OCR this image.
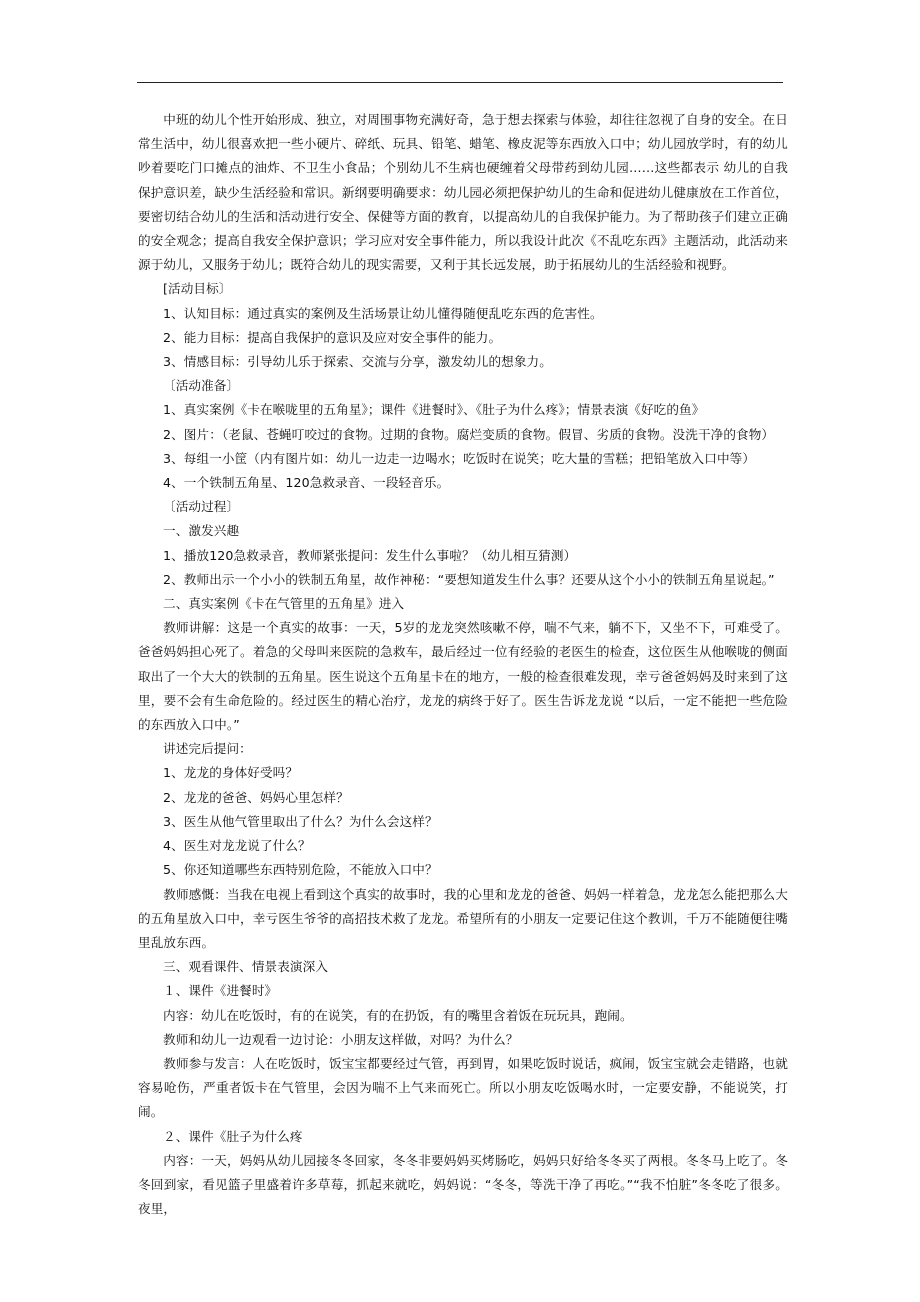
中班的幼儿个性开始形成、独立，对周围事物充满好奇，急于想去探索与体验，却往往忽视了自身的安全。在日常生活中，幼儿很喜欢把一些小硬片、碎纸、玩具、铅笔、蜡笔、橡皮泥等东西放入口中；幼儿园放学时，有的幼儿吵着要吃门口摊点的油炸、不卫生小食品；个别幼儿不生病也硬缠着父母带药到幼儿园……这些都表示 幼儿的自我保护意识差，缺少生活经验和常识。新纲要明确要求：幼儿园必须把保护幼儿的生命和促进幼儿健康放在工作首位，要密切结合幼儿的生活和活动进行安全、保健等方面的教育，以提高幼儿的自我保护能力。为了帮助孩子们建立正确的安全观念；提高自我安全保护意识；学习应对安全事件能力，所以我设计此次《不乱吃东西》主题活动，此活动来源于幼儿，又服务于幼儿；既符合幼儿的现实需要，又利于其长远发展，助于拓展幼儿的生活经验和视野。

[活动目标〕

1、认知目标：通过真实的案例及生活场景让幼儿懂得随便乱吃东西的危害性。

2、能力目标：提高自我保护的意识及应对安全事件的能力。

3、情感目标：引导幼儿乐于探索、交流与分享，激发幼儿的想象力。

〔活动准备〕

1、真实案例《卡在喉咙里的五角星》；课件《进餐时》、《肚子为什么疼》；情景表演《好吃的鱼》

2、图片：（老鼠、苍蝇叮咬过的食物。过期的食物。腐烂变质的食物。假冒、劣质的食物。没洗干净的食物）

3、每组一小筐（内有图片如：幼儿一边走一边喝水；吃饭时在说笑；吃大量的雪糕；把铅笔放入口中等）

4、一个铁制五角星、120急救录音、一段轻音乐。

〔活动过程〕

一、激发兴趣

1、播放120急救录音，教师紧张提问：发生什么事啦？（幼儿相互猜测）

2、教师出示一个小小的铁制五角星，故作神秘：“要想知道发生什么事？还要从这个小小的铁制五角星说起。”

二、真实案例《卡在气管里的五角星》进入

教师讲解：这是一个真实的故事：一天，5岁的龙龙突然咳嗽不停，喘不气来，躺不下，又坐不下，可难受了。爸爸妈妈担心死了。着急的父母叫来医院的急救车，最后经过一位有经验的老医生的检查，这位医生从他喉咙的侧面取出了一个大大的铁制的五角星。医生说这个五角星卡在的地方，一般的检查很难发现，幸亏爸爸妈妈及时来到了这里，要不会有生命危险的。经过医生的精心治疗，龙龙的病终于好了。医生告诉龙龙说 “以后，一定不能把一些危险的东西放入口中。”

讲述完后提问：

1、龙龙的身体好受吗？

2、龙龙的爸爸、妈妈心里怎样？

3、医生从他气管里取出了什么？为什么会这样？

4、医生对龙龙说了什么？

5、你还知道哪些东西特别危险，不能放入口中？

教师感慨：当我在电视上看到这个真实的故事时，我的心里和龙龙的爸爸、妈妈一样着急，龙龙怎么能把那么大的五角星放入口中，幸亏医生爷爷的高招技术救了龙龙。希望所有的小朋友一定要记住这个教训，千万不能随便往嘴里乱放东西。

三、观看课件、情景表演深入

１、课件《进餐时》

内容：幼儿在吃饭时，有的在说笑，有的在扔饭，有的嘴里含着饭在玩玩具，跑闹。

教师和幼儿一边观看一边讨论：小朋友这样做，对吗？为什么？

教师参与发言：人在吃饭时，饭宝宝都要经过气管，再到胃，如果吃饭时说话，疯闹，饭宝宝就会走错路，也就容易呛伤，严重者饭卡在气管里，会因为喘不上气来而死亡。所以小朋友吃饭喝水时，一定要安静，不能说笑，打闹。

２、课件《肚子为什么疼

内容：一天，妈妈从幼儿园接冬冬回家，冬冬非要妈妈买烤肠吃，妈妈只好给冬冬买了两根。冬冬马上吃了。冬冬回到家，看见篮子里盛着许多草莓，抓起来就吃，妈妈说：“冬冬，等洗干净了再吃。”“我不怕脏”冬冬吃了很多。夜里，
